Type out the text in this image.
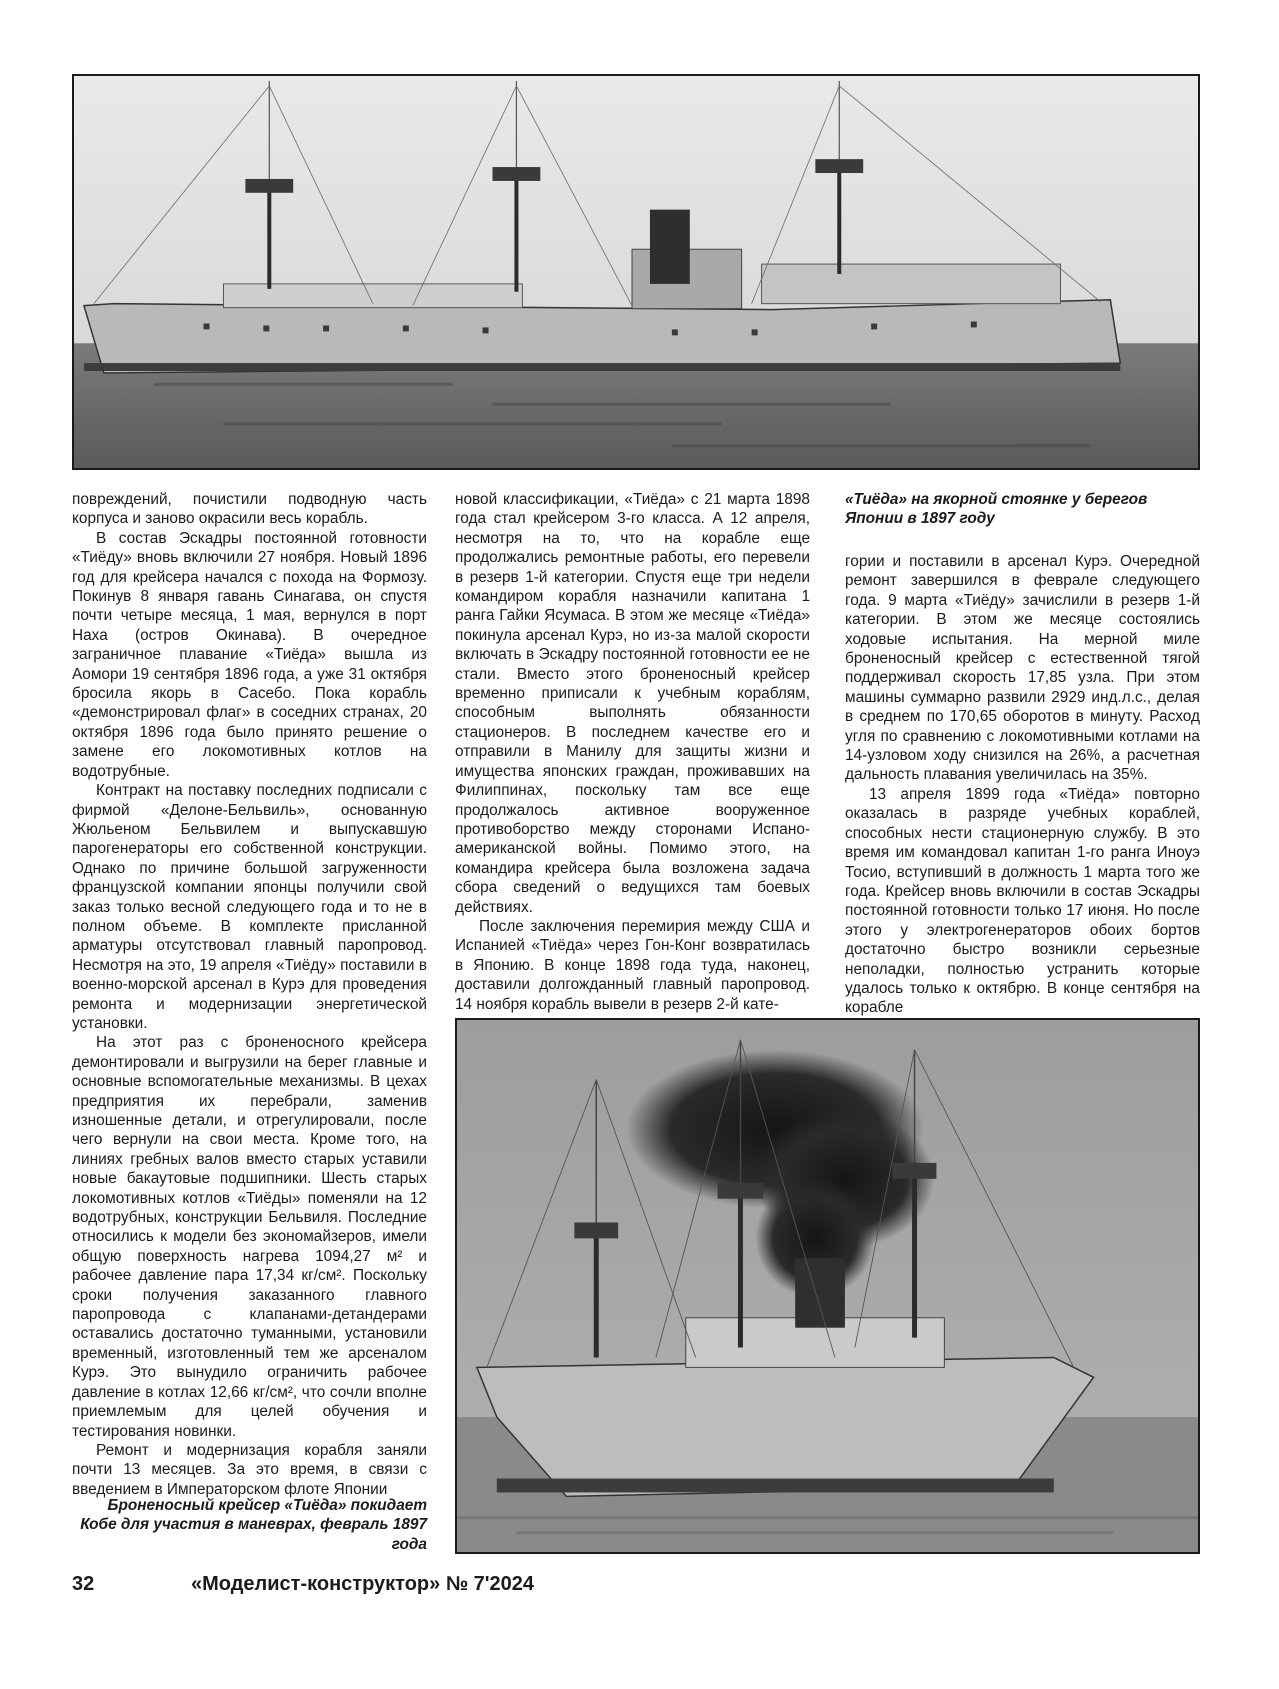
«Тиёда» на якорной стоянке у берегов Японии в 1897 году

повреждений, почистили подводную часть корпуса и заново окрасили весь корабль.

В состав Эскадры постоянной готовности «Тиёду» вновь включили 27 ноября. Новый 1896 год для крейсера начался с похода на Формозу. Покинув 8 января гавань Синагава, он спустя почти четыре месяца, 1 мая, вернулся в порт Наха (остров Окинава). В очередное заграничное плавание «Тиёда» вышла из Аомори 19 сентября 1896 года, а уже 31 октября бросила якорь в Сасебо. Пока корабль «демонстрировал флаг» в соседних странах, 20 октября 1896 года было принято решение о замене его локомотивных котлов на водотрубные.

Контракт на поставку последних подписали с фирмой «Делоне-Бельвиль», основанную Жюльеном Бельвилем и выпускавшую парогенераторы его собственной конструкции. Однако по причине большой загруженности французской компании японцы получили свой заказ только весной следующего года и то не в полном объеме. В комплекте присланной арматуры отсутствовал главный паропровод. Несмотря на это, 19 апреля «Тиёду» поставили в военно-морской арсенал в Курэ для проведения ремонта и модернизации энергетической установки.

На этот раз с броненосного крейсера демонтировали и выгрузили на берег главные и основные вспомогательные механизмы. В цехах предприятия их перебрали, заменив изношенные детали, и отрегулировали, после чего вернули на свои места. Кроме того, на линиях гребных валов вместо старых уставили новые бакаутовые подшипники. Шесть старых локомотивных котлов «Тиёды» поменяли на 12 водотрубных, конструкции Бельвиля. Последние относились к модели без экономайзеров, имели общую поверхность нагрева 1094,27 м² и рабочее давление пара 17,34 кг/см². Поскольку сроки получения заказанного главного паропровода с клапанами-детандерами оставались достаточно туманными, установили временный, изготовленный тем же арсеналом Курэ. Это вынудило ограничить рабочее давление в котлах 12,66 кг/см², что сочли вполне приемлемым для целей обучения и тестирования новинки.

Ремонт и модернизация корабля заняли почти 13 месяцев. За это время, в связи с введением в Императорском флоте Японии

новой классификации, «Тиёда» с 21 марта 1898 года стал крейсером 3-го класса. А 12 апреля, несмотря на то, что на корабле еще продолжались ремонтные работы, его перевели в резерв 1-й категории. Спустя еще три недели командиром корабля назначили капитана 1 ранга Гайки Ясумаса. В этом же месяце «Тиёда» покинула арсенал Курэ, но из-за малой скорости включать в Эскадру постоянной готовности ее не стали. Вместо этого броненосный крейсер временно приписали к учебным кораблям, способным выполнять обязанности стационеров. В последнем качестве его и отправили в Манилу для защиты жизни и имущества японских граждан, проживавших на Филиппинах, поскольку там все еще продолжалось активное вооруженное противоборство между сторонами Испано-американской войны. Помимо этого, на командира крейсера была возложена задача сбора сведений о ведущихся там боевых действиях.

После заключения перемирия между США и Испанией «Тиёда» через Гон-Конг возвратилась в Японию. В конце 1898 года туда, наконец, доставили долгожданный главный паропровод. 14 ноября корабль вывели в резерв 2-й кате-

гории и поставили в арсенал Курэ. Очередной ремонт завершился в феврале следующего года. 9 марта «Тиёду» зачислили в резерв 1-й категории. В этом же месяце состоялись ходовые испытания. На мерной миле броненосный крейсер с естественной тягой поддерживал скорость 17,85 узла. При этом машины суммарно развили 2929 инд.л.с., делая в среднем по 170,65 оборотов в минуту. Расход угля по сравнению с локомотивными котлами на 14-узловом ходу снизился на 26%, а расчетная дальность плавания увеличилась на 35%.

13 апреля 1899 года «Тиёда» повторно оказалась в разряде учебных кораблей, способных нести стационерную службу. В это время им командовал капитан 1-го ранга Иноуэ Тосио, вступивший в должность 1 марта того же года. Крейсер вновь включили в состав Эскадры постоянной готовности только 17 июня. Но после этого у электрогенераторов обоих бортов достаточно быстро возникли серьезные неполадки, полностью устранить которые удалось только к октябрю. В конце сентября на корабле

Броненосный крейсер «Тиёда» покидает Кобе для участия в маневрах, февраль 1897 года
32	«Моделист-конструктор» № 7'2024
